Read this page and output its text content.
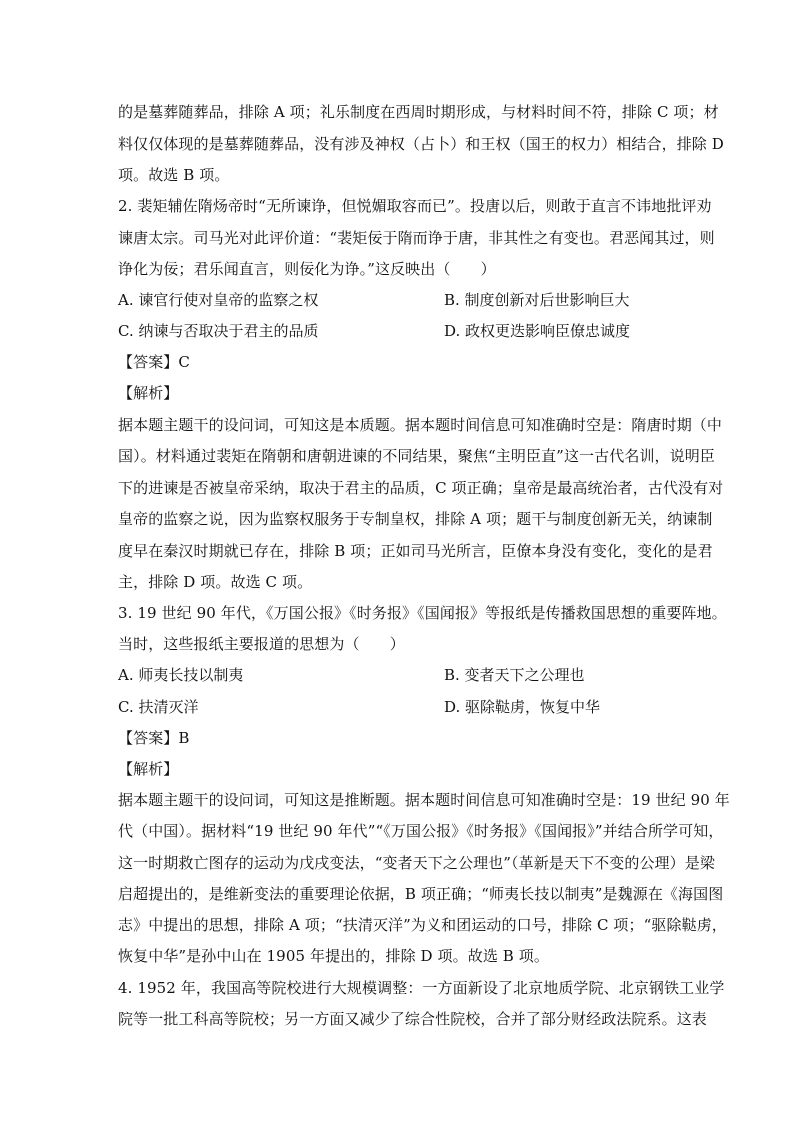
的是墓葬随葬品，排除 A 项；礼乐制度在西周时期形成，与材料时间不符，排除 C 项；材
料仅仅体现的是墓葬随葬品，没有涉及神权（占卜）和王权（国王的权力）相结合，排除 D
项。故选 B 项。
2. 裴矩辅佐隋炀帝时“无所谏诤，但悦媚取容而已”。投唐以后，则敢于直言不讳地批评劝
谏唐太宗。司马光对此评价道：“裴矩佞于隋而诤于唐，非其性之有变也。君恶闻其过，则
诤化为佞；君乐闻直言，则佞化为诤。”这反映出（　　）
A. 谏官行使对皇帝的监察之权	B. 制度创新对后世影响巨大
C. 纳谏与否取决于君主的品质	D. 政权更迭影响臣僚忠诚度
【答案】C
【解析】
据本题主题干的设问词，可知这是本质题。据本题时间信息可知准确时空是：隋唐时期（中
国）。材料通过裴矩在隋朝和唐朝进谏的不同结果，聚焦“主明臣直”这一古代名训，说明臣
下的进谏是否被皇帝采纳，取决于君主的品质，C 项正确；皇帝是最高统治者，古代没有对
皇帝的监察之说，因为监察权服务于专制皇权，排除 A 项；题干与制度创新无关，纳谏制
度早在秦汉时期就已存在，排除 B 项；正如司马光所言，臣僚本身没有变化，变化的是君
主，排除 D 项。故选 C 项。
3. 19 世纪 90 年代，《万国公报》《时务报》《国闻报》等报纸是传播救国思想的重要阵地。
当时，这些报纸主要报道的思想为（　　）
A. 师夷长技以制夷	B. 变者天下之公理也
C. 扶清灭洋	D. 驱除鞑虏，恢复中华
【答案】B
【解析】
据本题主题干的设问词，可知这是推断题。据本题时间信息可知准确时空是：19 世纪 90 年
代（中国）。据材料“19 世纪 90 年代”“《万国公报》《时务报》《国闻报》”并结合所学可知，
这一时期救亡图存的运动为戊戌变法，“变者天下之公理也”（革新是天下不变的公理）是梁
启超提出的，是维新变法的重要理论依据，B 项正确；“师夷长技以制夷”是魏源在《海国图
志》中提出的思想，排除 A 项；“扶清灭洋”为义和团运动的口号，排除 C 项；“驱除鞑虏，
恢复中华”是孙中山在 1905 年提出的，排除 D 项。故选 B 项。
4. 1952 年，我国高等院校进行大规模调整：一方面新设了北京地质学院、北京钢铁工业学
院等一批工科高等院校；另一方面又减少了综合性院校，合并了部分财经政法院系。这表
